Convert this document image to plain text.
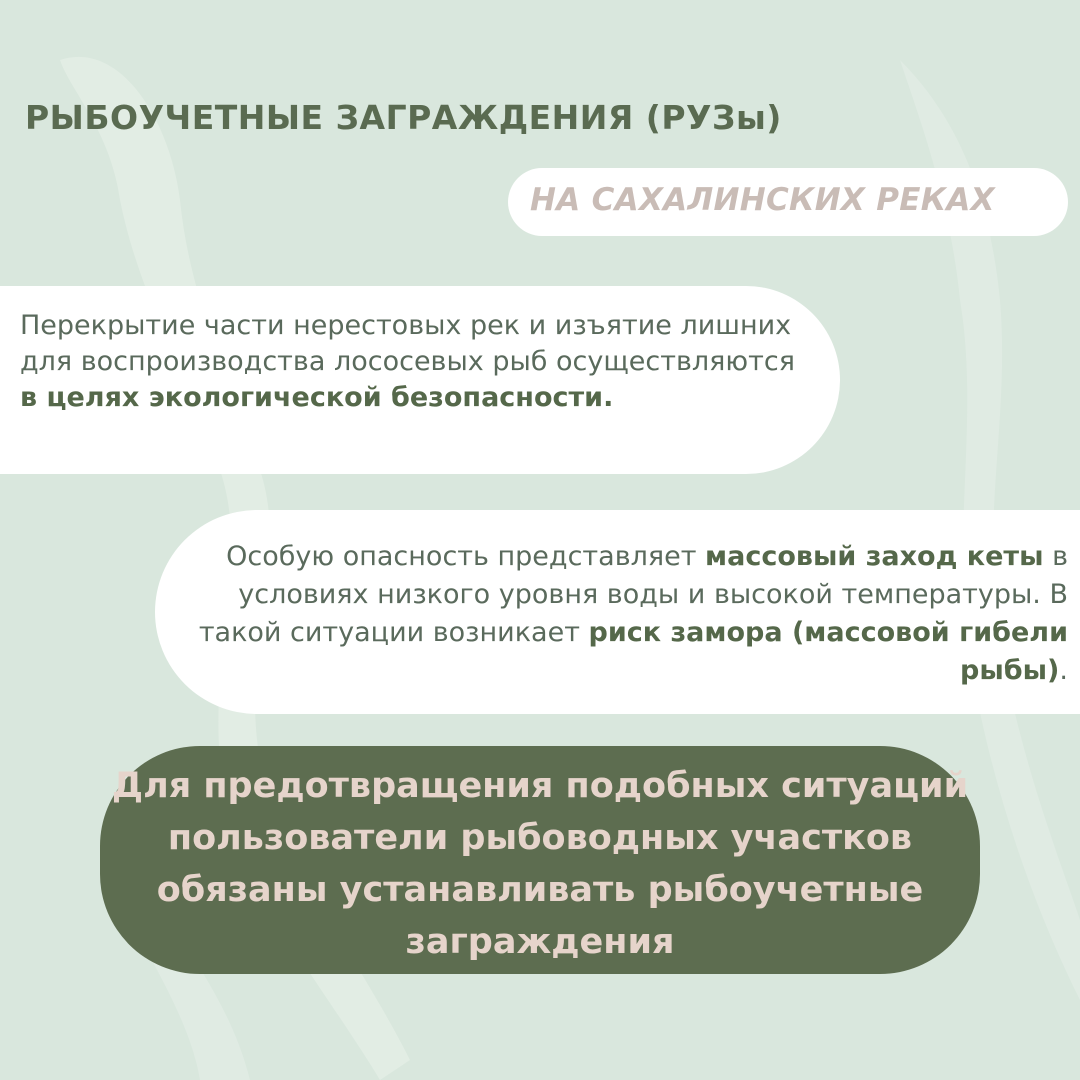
РЫБОУЧЕТНЫЕ ЗАГРАЖДЕНИЯ (РУЗы)
НА САХАЛИНСКИХ РЕКАХ
Перекрытие части нерестовых рек и изъятие лишних для воспроизводства лососевых рыб осуществляются в целях экологической безопасности.
Особую опасность представляет массовый заход кеты в условиях низкого уровня воды и высокой температуры. В такой ситуации возникает риск замора (массовой гибели рыбы).
Для предотвращения подобных ситуаций пользователи рыбоводных участков обязаны устанавливать рыбоучетные заграждения
